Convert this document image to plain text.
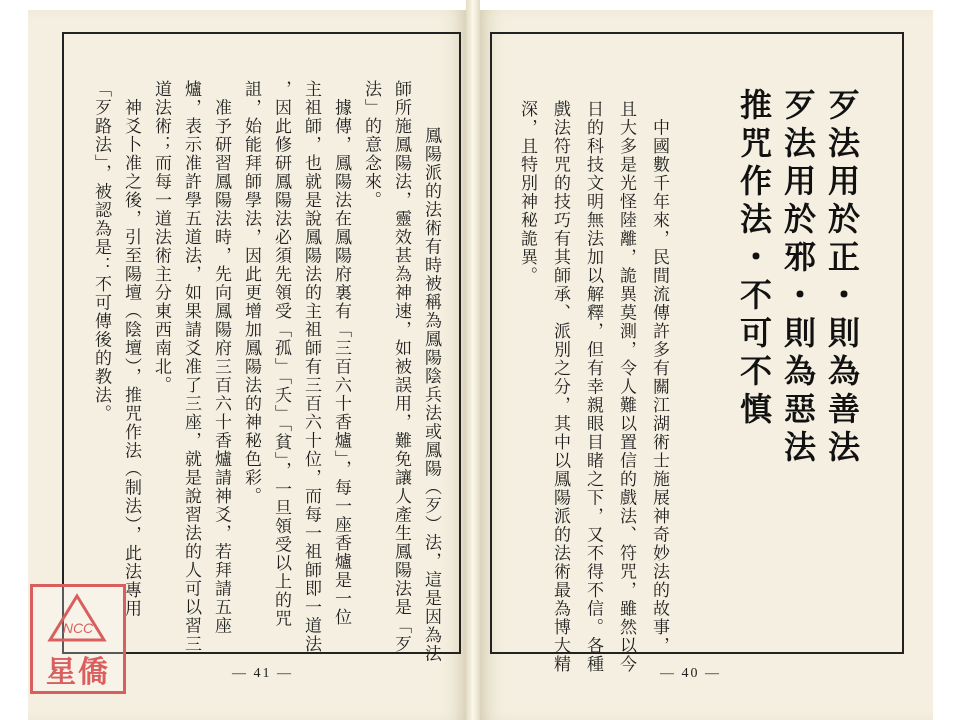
歹法用於正・則為善法
歹法用於邪・則為惡法
推咒作法・不可不慎
　中國數千年來，民間流傳許多有關江湖術士施展神奇妙法的故事，
且大多是光怪陸離，詭異莫測，令人難以置信的戲法、符咒，雖然以今
日的科技文明無法加以解釋，但有幸親眼目睹之下，又不得不信。各種
戲法符咒的技巧有其師承、派別之分，其中以鳳陽派的法術最為博大精
深，且特別神秘詭異。
— 40 —
　鳳陽派的法術有時被稱為鳳陽陰兵法或鳳陽（歹）法，這是因為法
師所施鳳陽法，靈效甚為神速，如被誤用，難免讓人產生鳳陽法是「歹
法」的意念來。
　據傳，鳳陽法在鳳陽府裏有「三百六十香爐」，每一座香爐是一位
主祖師，也就是說鳳陽法的主祖師有三百六十位，而每一祖師即一道法
，因此修研鳳陽法必須先領受「孤」「夭」「貧」，一旦領受以上的咒
詛，始能拜師學法，因此更增加鳳陽法的神秘色彩。
　准予研習鳳陽法時，先向鳳陽府三百六十香爐請神爻，若拜請五座
爐，表示准許學五道法，如果請爻准了三座，就是說習法的人可以習三
道法術；而每一道法術主分東西南北。
　神爻卜准之後，引至陽壇（陰壇），推咒作法（制法），此法專用
「歹路法」，被認為是：不可傳後的教法。
— 41 —
NCC
星僑
